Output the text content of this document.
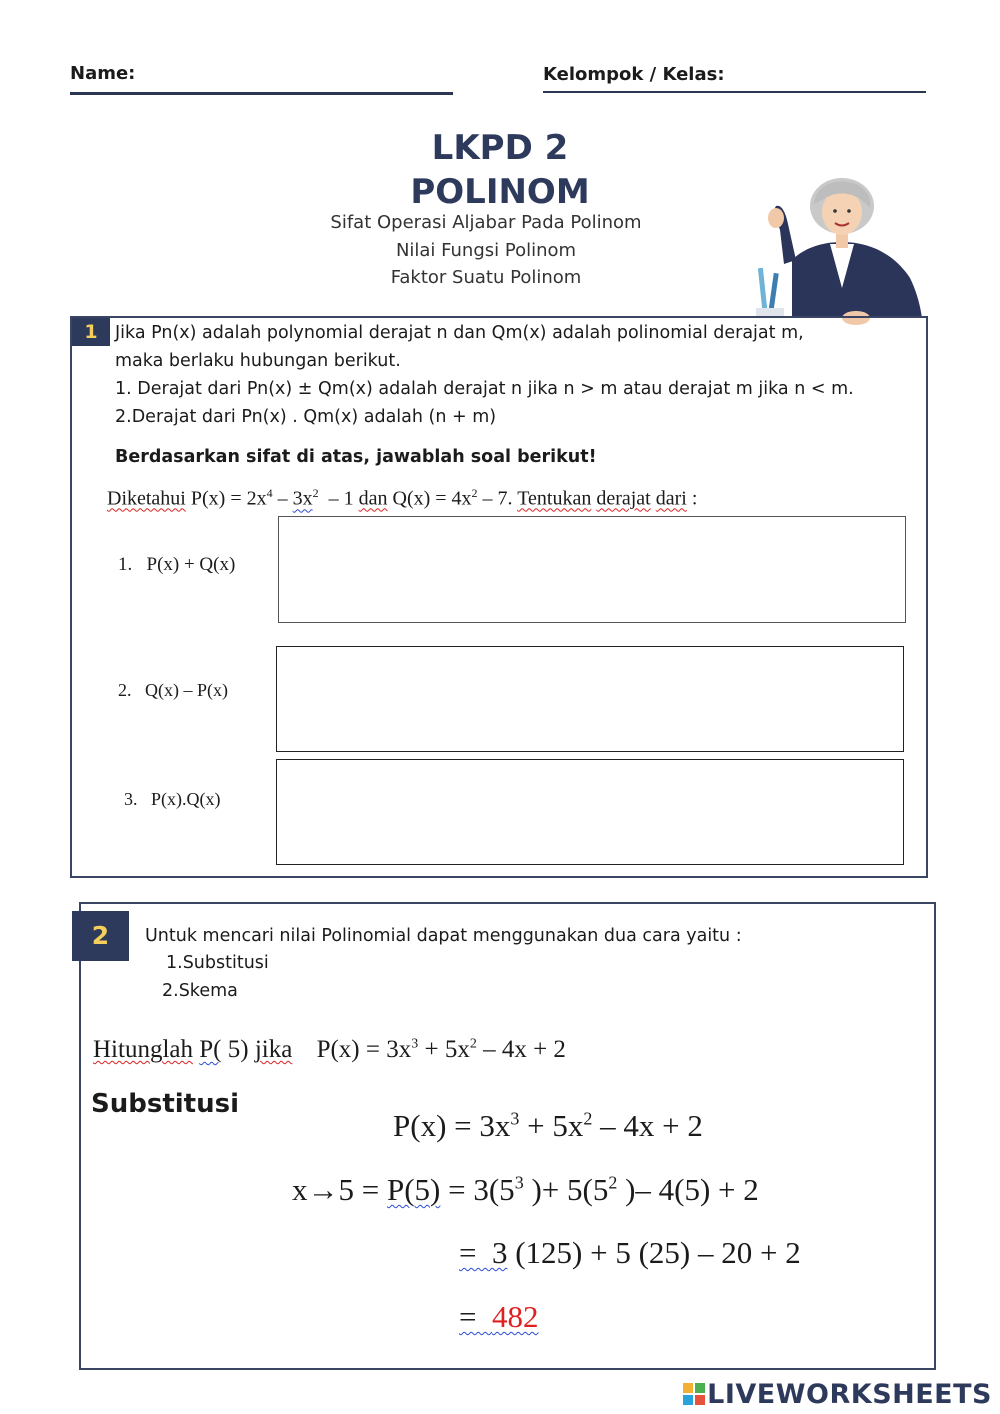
Name:	Kelompok / Kelas:
LKPD 2
POLINOM
Sifat Operasi Aljabar Pada Polinom
Nilai Fungsi Polinom
Faktor Suatu Polinom
1 Jika Pn(x) adalah polynomial derajat n dan Qm(x) adalah polinomial derajat m,
maka berlaku hubungan berikut.
1. Derajat dari Pn(x) ± Qm(x) adalah derajat n jika n > m atau derajat m jika n < m.
2.Derajat dari Pn(x) . Qm(x) adalah (n + m)
Berdasarkan sifat di atas, jawablah soal berikut!
Diketahui $P(x) = 2x^4 - 3x^2 - 1$ dan $Q(x) = 4x^2 - 7$. Tentukan derajat dari :
1.   P(x) + Q(x)
2.   Q(x) – P(x)
3.   P(x).Q(x)
2	Untuk mencari nilai Polinomial dapat menggunakan dua cara yaitu :
1.Substitusi
2.Skema
Hitunglah P( 5) jika $P(x) = 3x^3 + 5x^2 - 4x + 2$
Substitusi
$P(x) = 3x^3 + 5x^2 - 4x + 2$
$x\to 5 = P(5) = 3(5^3$ )+ $5(5^2$ )– 4(5) + 2
=  3 (125) + 5 (25) – 20 + 2
=  482
LIVEWORKSHEETS
